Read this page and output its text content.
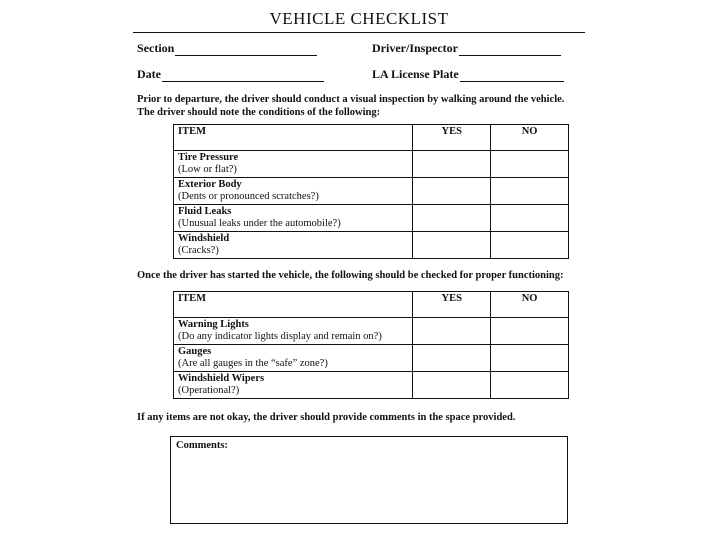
VEHICLE CHECKLIST
Section	Driver/Inspector
Date	LA License Plate
Prior to departure, the driver should conduct a visual inspection by walking around the vehicle.
The driver should note the conditions of the following:
ITEM	YES	NO

Tire Pressure
(Low or flat?)		

Exterior Body
(Dents or pronounced scratches?)		

Fluid Leaks
(Unusual leaks under the automobile?)		

Windshield
(Cracks?)		

Once the driver has started the vehicle, the following should be checked for proper functioning:
ITEM	YES	NO

Warning Lights
(Do any indicator lights display and remain on?)		

Gauges
(Are all gauges in the “safe” zone?)		

Windshield Wipers
(Operational?)		

If any items are not okay, the driver should provide comments in the space provided.
Comments:
